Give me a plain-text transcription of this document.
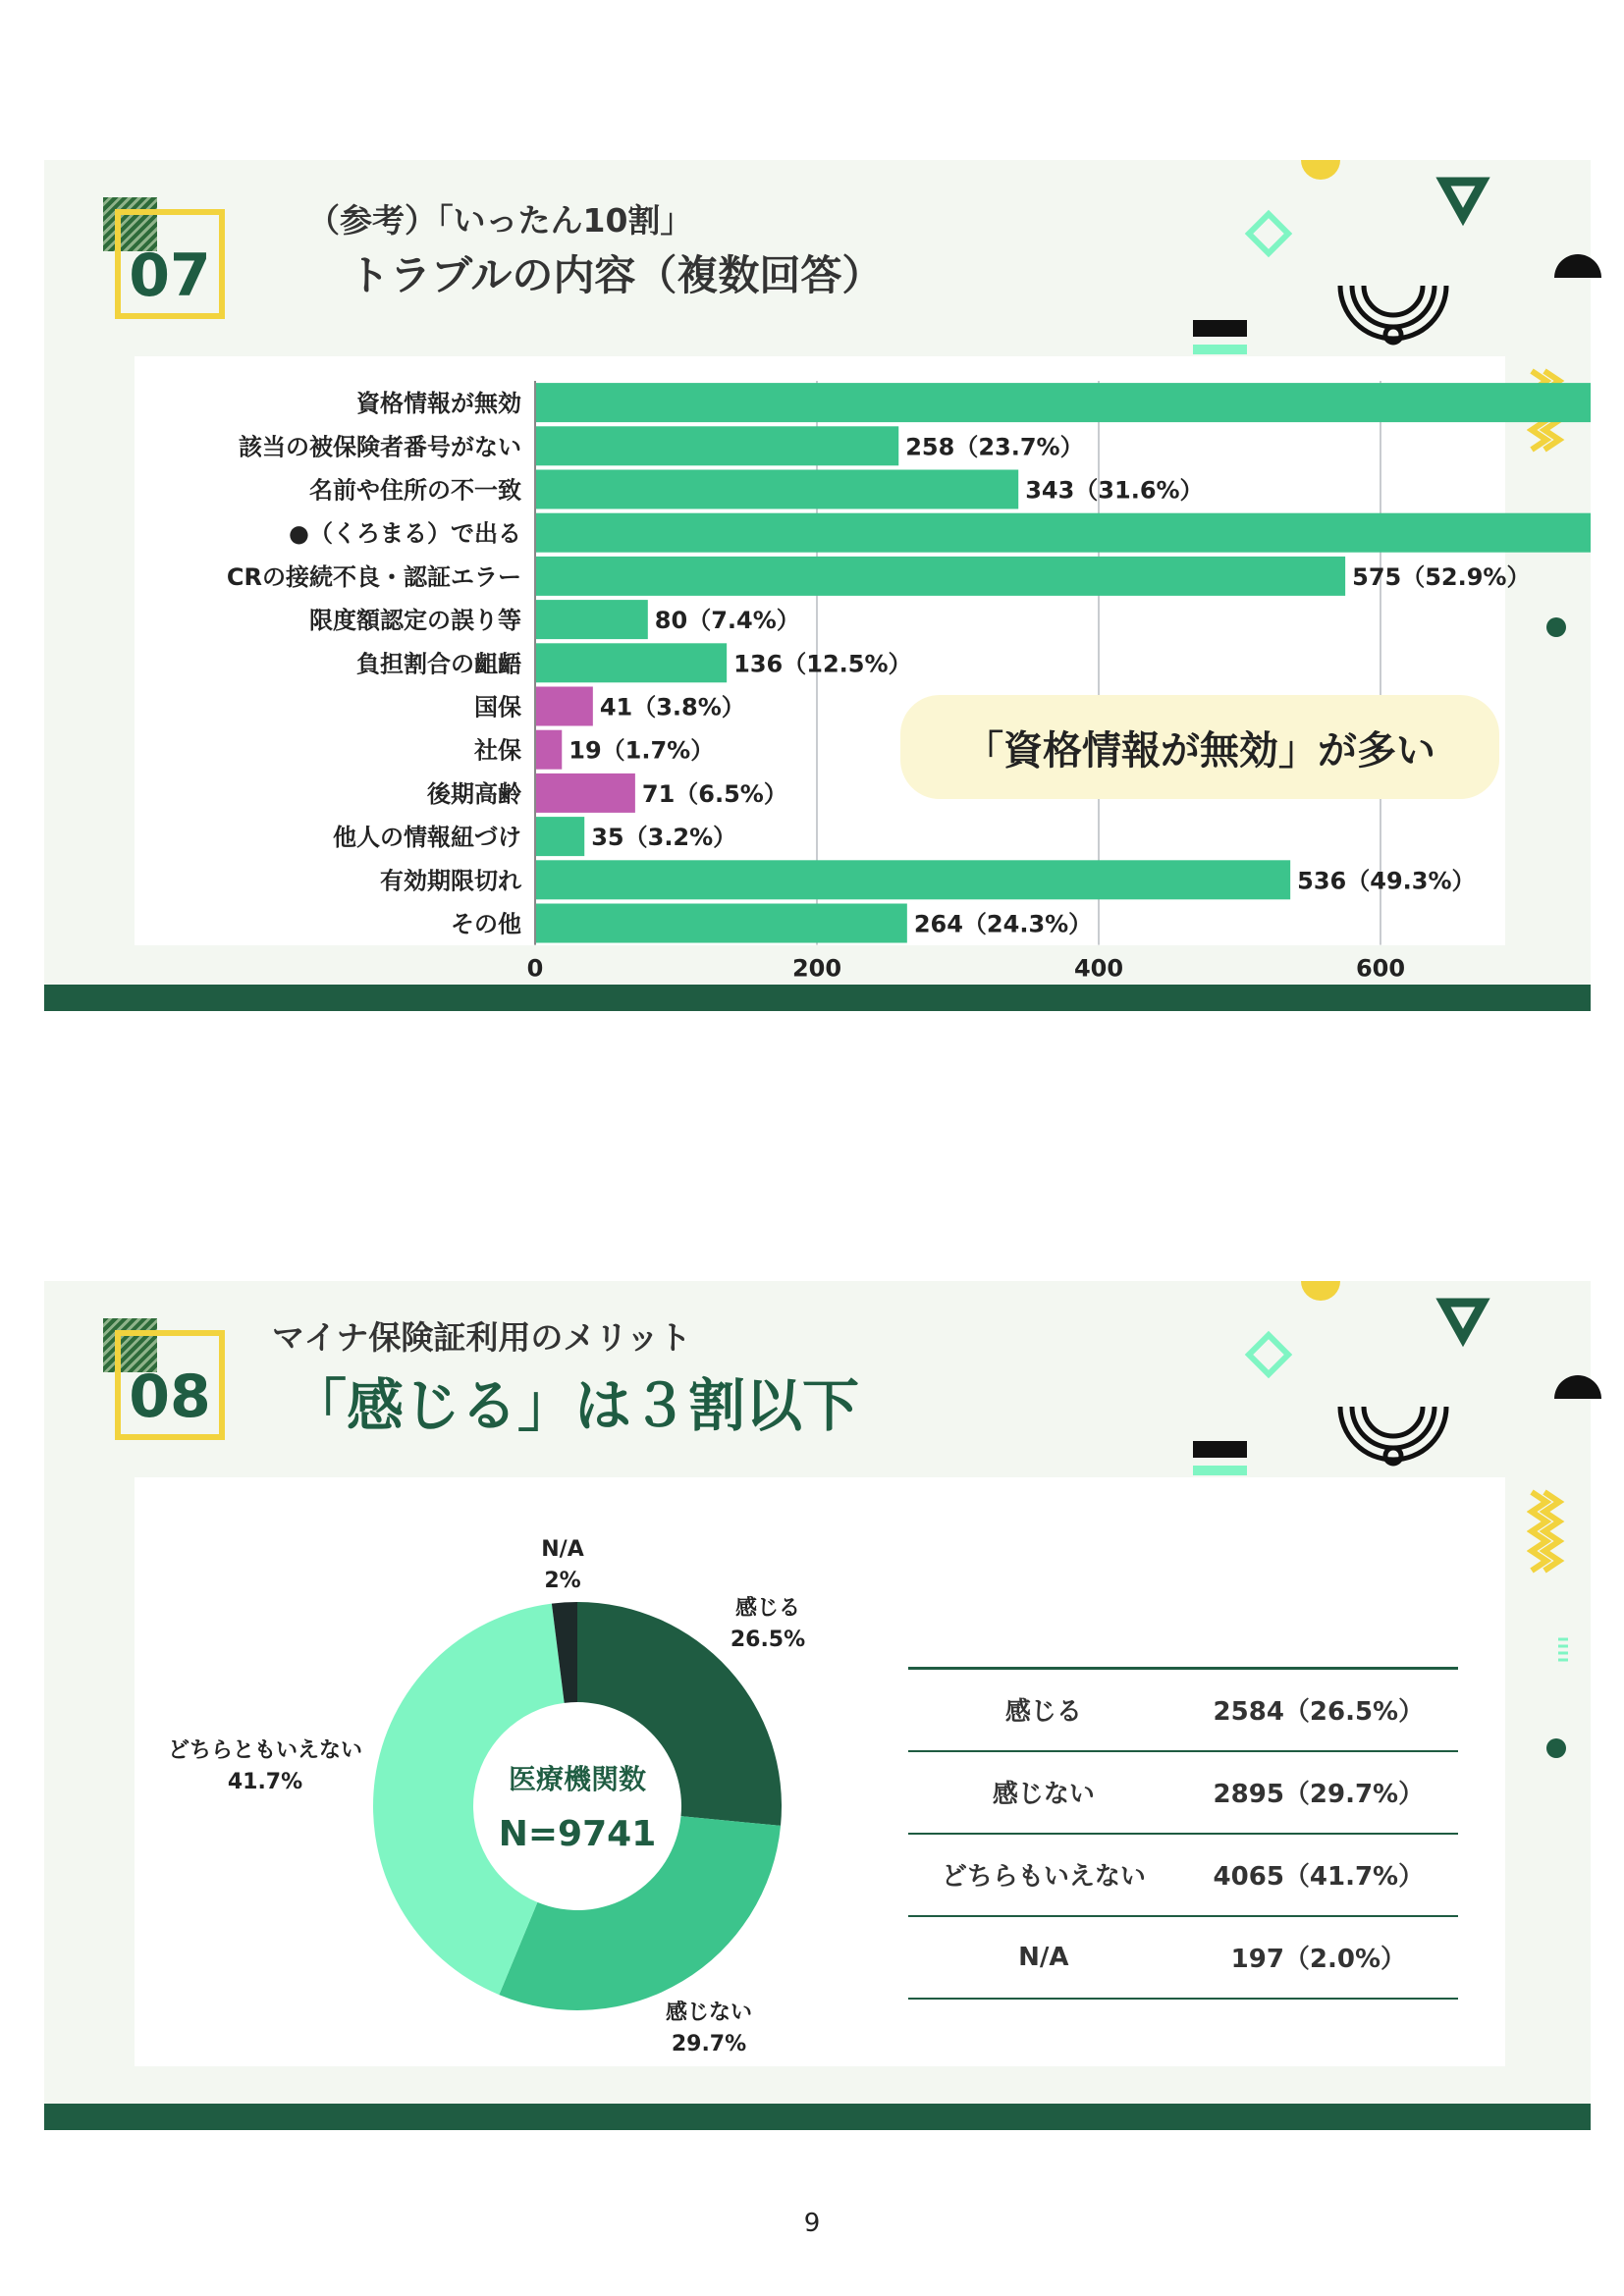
07
（参考）「いったん10割」
トラブルの内容（複数回答）
0	200	400	600
資格情報が無効
該当の被保険者番号がない	258（23.7%）
名前や住所の不一致	343（31.6%）
●（くろまる）で出る
CRの接続不良・認証エラー	575（52.9%）
限度額認定の誤り等	80（7.4%）
負担割合の齟齬	136（12.5%）
国保	41（3.8%）
社保 19（1.7%）
後期高齢	71（6.5%）
他人の情報紐づけ	35（3.2%）
有効期限切れ	536（49.3%）
その他	264（24.3%）
「資格情報が無効」が多い
08
マイナ保険証利用のメリット
「感じる」は３割以下
感じる
26.5%
感じない
29.7%
どちらともいえない
41.7%
N/A
2%
医療機関数
N=9741
感じる	2584（26.5%）
感じない	2895（29.7%）
どちらもいえない	4065（41.7%）
N/A	197（2.0%）
9
